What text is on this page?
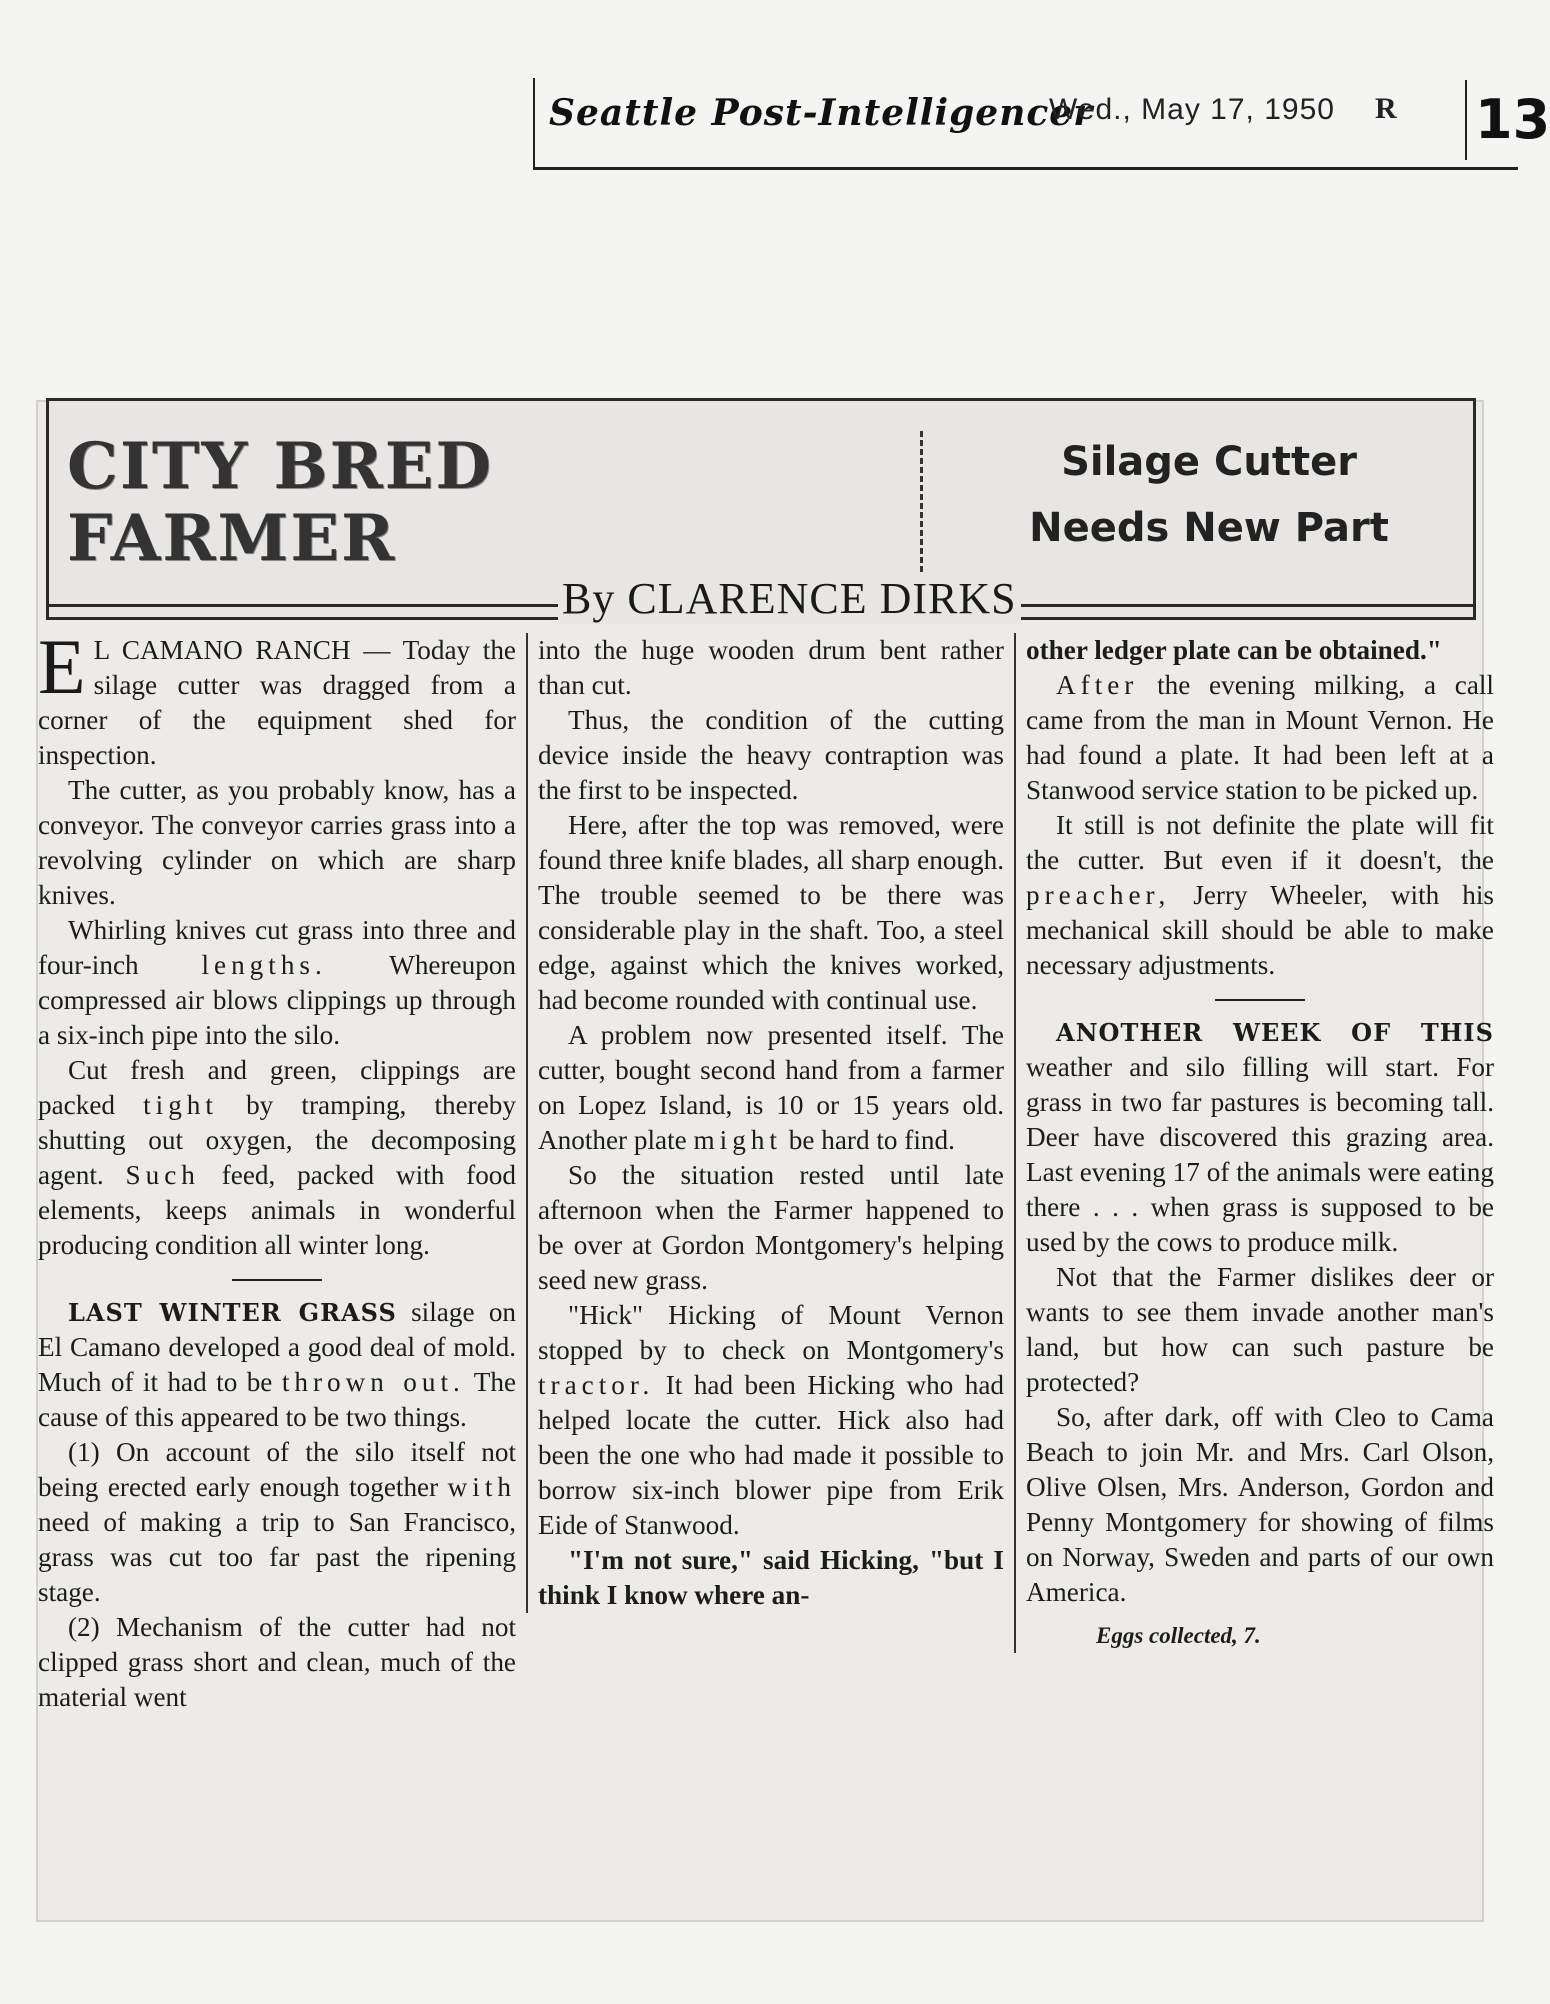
Seattle Post-Intelligencer
Wed., May 17, 1950 R 13
CITY BRED
FARMER
Silage Cutter
Needs New Part
By CLARENCE DIRKS

E L CAMANO RANCH — Today the silage cutter was dragged from a corner of the equipment shed for inspection.

The cutter, as you probably know, has a conveyor. The conveyor carries grass into a revolving cylinder on which are sharp knives.

Whirling knives cut grass into three and four-inch lengths. Whereupon compressed air blows clippings up through a six-inch pipe into the silo.

Cut fresh and green, clippings are packed tight by tramping, thereby shutting out oxygen, the decomposing agent. Such feed, packed with food elements, keeps animals in wonderful producing condition all winter long.

LAST WINTER GRASS silage on El Camano developed a good deal of mold. Much of it had to be thrown out. The cause of this appeared to be two things.

(1) On account of the silo itself not being erected early enough together with need of making a trip to San Francisco, grass was cut too far past the ripening stage.

(2) Mechanism of the cutter had not clipped grass short and clean, much of the material went

into the huge wooden drum bent rather than cut.

Thus, the condition of the cutting device inside the heavy contraption was the first to be inspected.

Here, after the top was removed, were found three knife blades, all sharp enough. The trouble seemed to be there was considerable play in the shaft. Too, a steel edge, against which the knives worked, had become rounded with continual use.

A problem now presented itself. The cutter, bought second hand from a farmer on Lopez Island, is 10 or 15 years old. Another plate might be hard to find.

So the situation rested until late afternoon when the Farmer happened to be over at Gordon Montgomery's helping seed new grass.

"Hick" Hicking of Mount Vernon stopped by to check on Montgomery's tractor. It had been Hicking who had helped locate the cutter. Hick also had been the one who had made it possible to borrow six-inch blower pipe from Erik Eide of Stanwood.

"I'm not sure," said Hicking, "but I think I know where an-

other ledger plate can be obtained."

After the evening milking, a call came from the man in Mount Vernon. He had found a plate. It had been left at a Stanwood service station to be picked up.

It still is not definite the plate will fit the cutter. But even if it doesn't, the preacher, Jerry Wheeler, with his mechanical skill should be able to make necessary adjustments.

ANOTHER WEEK OF THIS weather and silo filling will start. For grass in two far pastures is becoming tall. Deer have discovered this grazing area. Last evening 17 of the animals were eating there . . . when grass is supposed to be used by the cows to produce milk.

Not that the Farmer dislikes deer or wants to see them invade another man's land, but how can such pasture be protected?

So, after dark, off with Cleo to Cama Beach to join Mr. and Mrs. Carl Olson, Olive Olsen, Mrs. Anderson, Gordon and Penny Montgomery for showing of films on Norway, Sweden and parts of our own America.

Eggs collected, 7.
